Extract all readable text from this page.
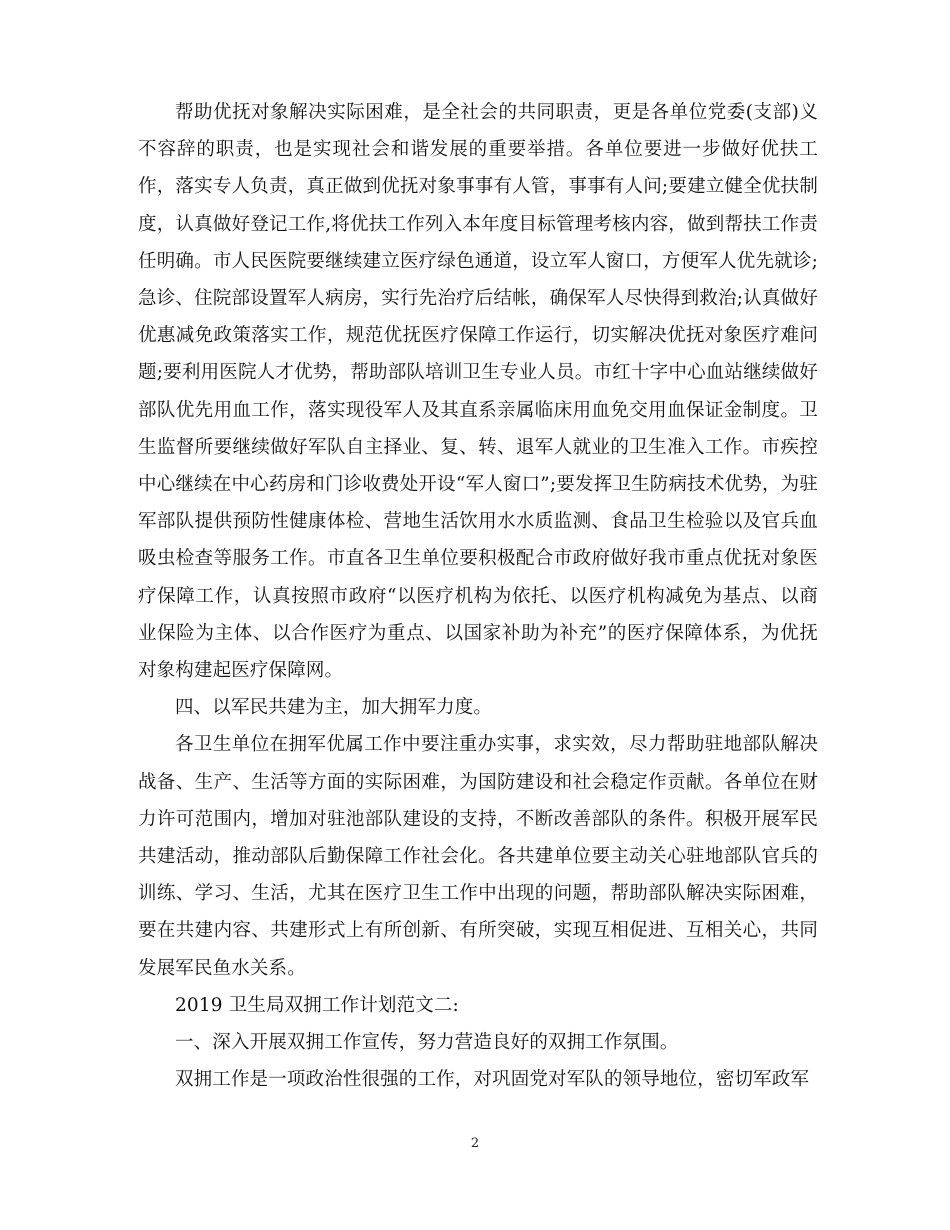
帮助优抚对象解决实际困难，是全社会的共同职责，更是各单位党委(支部)义不容辞的职责，也是实现社会和谐发展的重要举措。各单位要进一步做好优扶工作，落实专人负责，真正做到优抚对象事事有人管，事事有人问;要建立健全优扶制度，认真做好登记工作,将优扶工作列入本年度目标管理考核内容，做到帮扶工作责任明确。市人民医院要继续建立医疗绿色通道，设立军人窗口，方便军人优先就诊;急诊、住院部设置军人病房，实行先治疗后结帐，确保军人尽快得到救治;认真做好优惠减免政策落实工作，规范优抚医疗保障工作运行，切实解决优抚对象医疗难问题;要利用医院人才优势，帮助部队培训卫生专业人员。市红十字中心血站继续做好部队优先用血工作，落实现役军人及其直系亲属临床用血免交用血保证金制度。卫生监督所要继续做好军队自主择业、复、转、退军人就业的卫生准入工作。市疾控中心继续在中心药房和门诊收费处开设“军人窗口”;要发挥卫生防病技术优势，为驻军部队提供预防性健康体检、营地生活饮用水水质监测、食品卫生检验以及官兵血吸虫检查等服务工作。市直各卫生单位要积极配合市政府做好我市重点优抚对象医疗保障工作，认真按照市政府“以医疗机构为依托、以医疗机构减免为基点、以商业保险为主体、以合作医疗为重点、以国家补助为补充”的医疗保障体系，为优抚对象构建起医疗保障网。

四、以军民共建为主，加大拥军力度。

各卫生单位在拥军优属工作中要注重办实事，求实效，尽力帮助驻地部队解决战备、生产、生活等方面的实际困难，为国防建设和社会稳定作贡献。各单位在财力许可范围内，增加对驻池部队建设的支持，不断改善部队的条件。积极开展军民共建活动，推动部队后勤保障工作社会化。各共建单位要主动关心驻地部队官兵的训练、学习、生活，尤其在医疗卫生工作中出现的问题，帮助部队解决实际困难，要在共建内容、共建形式上有所创新、有所突破，实现互相促进、互相关心，共同发展军民鱼水关系。

2019 卫生局双拥工作计划范文二:

一、深入开展双拥工作宣传，努力营造良好的双拥工作氛围。

双拥工作是一项政治性很强的工作，对巩固党对军队的领导地位，密切军政军

2
